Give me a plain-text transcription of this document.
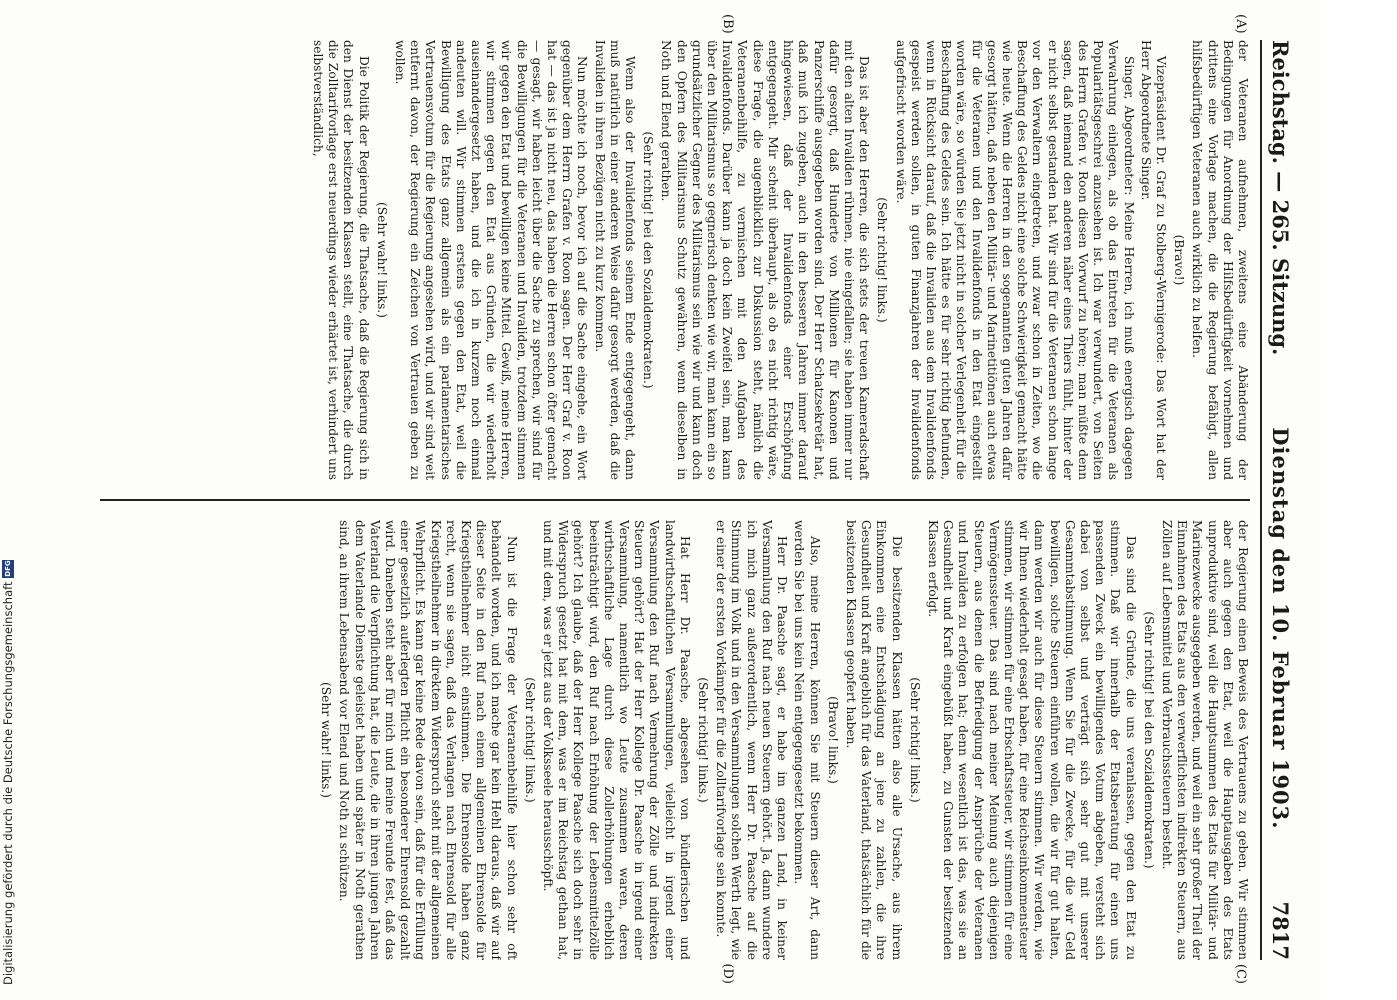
Reichstag. — 265. Sitzung.
Dienstag den 10. Februar 1903.
7817
(A)
(B)
(C)
(D)

der Veteranen aufnehmen, zweitens eine Abänderung der Bedingungen für Anordnung der Hilfsbedürftigkeit vornehmen und drittens eine Vorlage machen, die die Regierung befähigt, allen hilfsbedürftigen Veteranen auch wirklich zu helfen.

(Bravo!)

Vizepräsident Dr. Graf zu Stolberg-Wernigerode: Das Wort hat der Herr Abgeordnete Singer.

Singer, Abgeordneter: Meine Herren, ich muß energisch dagegen Verwahrung einlegen, als ob das Eintreten für die Veteranen als Popularitätsgeschrei anzusehen ist. Ich war verwundert, von Seiten des Herrn Grafen v. Roon diesen Vorwurf zu hören; man müßte denn sagen, daß niemand den anderen näher eines Thiers fühlt, hinter der er nicht selbst gestanden hat. Wir sind für die Veteranen schon lange vor den Verwaltern eingetreten, und zwar schon in Zeiten, wo die Beschaffung des Geldes nicht eine solche Schwierigkeit gemacht hätte wie heute. Wenn die Herren in den sogenannten guten Jahren dafür gesorgt hätten, daß neben den Militär- und Marinetitiönen auch etwas für die Veteranen und den Invalidenfonds in den Etat eingestellt worden wäre, so würden Sie jetzt nicht in solcher Verlegenheit für die Beschaffung des Geldes sein. Ich hätte es für sehr richtig befunden, wenn in Rücksicht darauf, daß die Invaliden aus dem Invalidenfonds gespeist werden sollen, in guten Finanzjahren der Invalidenfonds aufgefrischt worden wäre.

(Sehr richtig! links.)

Das ist aber den Herren, die sich stets der treuen Kameradschaft mit den alten Invaliden rühmen, nie eingefallen; sie haben immer nur dafür gesorgt, daß Hunderte von Millionen für Kanonen und Panzerschiffe ausgegeben worden sind. Der Herr Schatzsekretär hat, daß muß ich zugeben, auch in den besseren Jahren immer darauf hingewiesen, daß der Invalidenfonds einer Erschöpfung entgegengeht. Mir scheint überhaupt, als ob es nicht richtig wäre, diese Frage, die augenblicklich zur Diskussion steht, nämlich die Veteranenbeihilfe, zu vermischen mit den Aufgaben des Invalidenfonds. Darüber kann ja doch kein Zweifel sein, man kann über den Militarismus so gegnerisch denken wie wir, man kann ein so grundsätzlicher Gegner des Militarismus sein wie wir und kann doch den Opfern des Militarismus Schutz gewähren, wenn dieselben in Noth und Elend gerathen.

(Sehr richtig! bei den Sozialdemokraten.)

Wenn also der Invalidenfonds seinem Ende entgegengeht, dann muß natürlich in einer anderen Weise dafür gesorgt werden, daß die Invaliden in ihren Bezügen nicht zu kurz kommen.

Nun möchte ich noch, bevor ich auf die Sache eingehe, ein Wort gegenüber dem Herrn Grafen v. Roon sagen. Der Herr Graf v. Roon hat — das ist ja nicht neu, das haben die Herren schon öfter gemacht — gesagt, wir haben leicht über die Sache zu sprechen, wir sind für die Bewilligungen für die Veteranen und Invaliden, trotzdem stimmen wir gegen den Etat und bewilligen keine Mittel. Gewiß, meine Herren, wir stimmen gegen den Etat aus Gründen, die wir wiederholt auseinandergesetzt haben, und die ich in kurzem noch einmal andeuten will. Wir stimmen erstens gegen den Etat, weil die Bewilligung des Etats ganz allgemein als ein parlamentarisches Vertrauensvotum für die Regierung angesehen wird, und wir sind weit entfernt davon, der Regierung ein Zeichen von Vertrauen geben zu wollen.

(Sehr wahr! links.)

Die Politik der Regierung, die Thatsache, daß die Regierung sich in den Dienst der besitzenden Klassen stellt, eine Thatsache, die durch die Zolltarifvorlage erst neuerdings wieder erhärtet ist, verhindert uns selbstverständlich,

der Regierung einen Beweis des Vertrauens zu geben. Wir stimmen aber auch gegen den Etat, weil die Hauptausgaben des Etats unproduktive sind, weil die Hauptsummen des Etats für Militär- und Marinezwecke ausgegeben werden, und weil ein sehr großer Theil der Einnahmen des Etats aus den verwerflichsten indirekten Steuern, aus Zöllen auf Lebensmittel und Verbrauchssteuern besteht.

(Sehr richtig! bei den Sozialdemokraten.)

Das sind die Gründe, die uns veranlassen, gegen den Etat zu stimmen. Daß wir innerhalb der Etatsberatung für einen uns passenden Zweck ein bewilligendes Votum abgeben, versteht sich dabei von selbst und verträgt sich sehr gut mit unserer Gesammtabstimmung. Wenn Sie für die Zwecke, für die wir Geld bewilligen, solche Steuern einführen wollen, die wir für gut halten, dann werden wir auch für diese Steuern stimmen. Wir werden, wie wir Ihnen wiederholt gesagt haben, für eine Reichseinkommensteuer stimmen, wir stimmen für eine Erbschaftssteuer, wir stimmen für eine Vermögenssteuer. Das sind nach meiner Meinung auch diejenigen Steuern, aus denen die Befriedigung der Ansprüche der Veteranen und Invaliden zu erfolgen hat; denn wesentlich ist das, was sie an Gesundheit und Kraft eingebüßt haben, zu Gunsten der besitzenden Klassen erfolgt.

(Sehr richtig! links.)

Die besitzenden Klassen hätten also alle Ursache, aus ihrem Einkommen eine Entschädigung an jene zu zahlen, die ihre Gesundheit und Kraft angeblich für das Vaterland, thatsächlich für die besitzenden Klassen geopfert haben.

(Bravo! links.)

Also, meine Herren, können Sie mit Steuern dieser Art, dann werden Sie bei uns kein Nein entgegengesetzt bekommen.

Herr Dr. Paasche sagt, er habe im ganzen Land, in keiner Versammlung den Ruf nach neuen Steuern gehört. Ja, dann wundere ich mich ganz außerordentlich, wenn Herr Dr. Paasche auf die Stimmung im Volk und in den Versammlungen solchen Werth legt, wie er einer der ersten Vorkämpfer für die Zolltarifvorlage sein konnte.

(Sehr richtig! links.)

Hat Herr Dr. Paasche, abgesehen von bündlerischen und landwirthschaftlichen Versammlungen, vielleicht in irgend einer Versammlung den Ruf nach Vermehrung der Zölle und indirekten Steuern gehört? Hat der Herr Kollege Dr. Paasche in irgend einer Versammlung, namentlich wo Leute zusammen waren, deren wirthschaftliche Lage durch diese Zollerhöhungen erheblich beeinträchtigt wird, den Ruf nach Erhöhung der Lebensmittelzölle gehört? Ich glaube, daß der Herr Kollege Paasche sich doch sehr in Widerspruch gesetzt hat mit dem, was er im Reichstag gethan hat, und mit dem, was er jetzt aus der Volksseele herausschöpft.

(Sehr richtig! links.)

Nun ist die Frage der Veteranenbeihilfe hier schon sehr oft behandelt worden, und ich mache gar kein Hehl daraus, daß wir auf dieser Seite in den Ruf nach einem allgemeinen Ehrensolde für Kriegstheilnehmer nicht einstimmen. Die Ehrensolde haben ganz recht, wenn sie sagen, daß das Verlangen nach Ehrensold für alle Kriegstheilnehmer in direktem Widerspruch steht mit der allgemeinen Wehrpflicht. Es kann gar keine Rede davon sein, daß für die Erfüllung einer gesetzlich auferlegten Pflicht ein besonderer Ehrensold gezahlt wird. Daneben steht aber für mich und meine Freunde fest, daß das Vaterland die Verpflichtung hat, die Leute, die in ihren jungen Jahren dem Vaterlande Dienste geleistet haben und später in Noth gerathen sind, an ihrem Lebensabend vor Elend und Noth zu schützen.

(Sehr wahr! links.)

Digitalisierung gefördert durch die Deutsche Forschungsgemeinschaft
DFG
